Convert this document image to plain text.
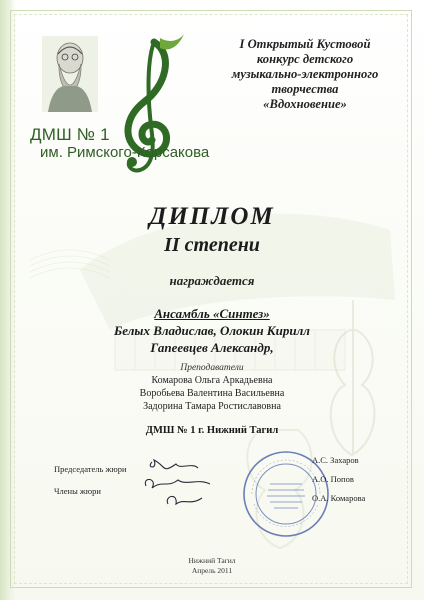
ДМШ № 1
им. Римского-Корсакова
I Открытый Кустовой
конкурс детского
музыкально-электронного
творчества
«Вдохновение»
ДИПЛОМ
II степени
награждается
Ансамбль «Синтез»
Белых Владислав, Олокин Кирилл
Гапеевцев Александр,
Преподаватели
Комарова Ольга Аркадьевна
Воробьева Валентина Васильевна
Задорина Тамара Ростиславовна
ДМШ № 1 г. Нижний Тагил
Председатель жюри
Члены жюри
А.С. Захаров
А.О. Попов
О.А. Комарова
Нижний Тагил
Апрель 2011
